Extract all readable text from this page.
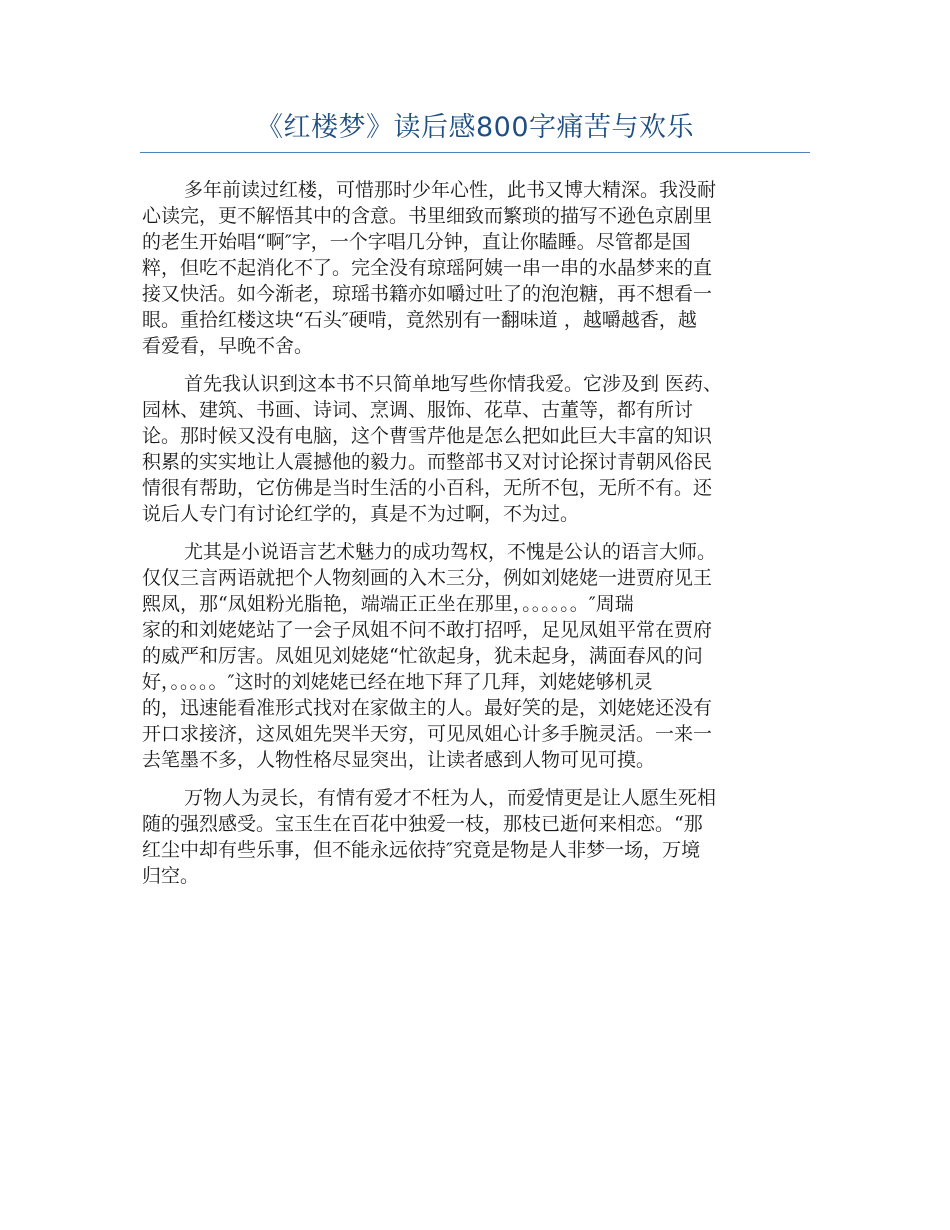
《红楼梦》读后感800字痛苦与欢乐
多年前读过红楼，可惜那时少年心性，此书又博大精深。我没耐
心读完，更不解悟其中的含意。书里细致而繁琐的描写不逊色京剧里
的老生开始唱“啊″字，一个字唱几分钟，直让你瞌睡。尽管都是国
粹，但吃不起消化不了。完全没有琼瑶阿姨一串一串的水晶梦来的直
接又快活。如今渐老，琼瑶书籍亦如嚼过吐了的泡泡糖，再不想看一
眼。重拾红楼这块“石头″硬啃，竟然别有一翻味道 ，越嚼越香，越
看爱看，早晚不舍。
首先我认识到这本书不只简单地写些你情我爱。它涉及到 医药、
园林、建筑、书画、诗词、烹调、服饰、花草、古董等，都有所讨
论。那时候又没有电脑，这个曹雪芹他是怎么把如此巨大丰富的知识
积累的实实地让人震撼他的毅力。而整部书又对讨论探讨青朝风俗民
情很有帮助，它仿佛是当时生活的小百科，无所不包，无所不有。还
说后人专门有讨论红学的，真是不为过啊，不为过。
尤其是小说语言艺术魅力的成功驾权，不愧是公认的语言大师。
仅仅三言两语就把个人物刻画的入木三分，例如刘姥姥一进贾府见王
熙凤，那“凤姐粉光脂艳，端端正正坐在那里，。。。。。。″周瑞
家的和刘姥姥站了一会子凤姐不问不敢打招呼，足见凤姐平常在贾府
的威严和厉害。凤姐见刘姥姥“忙欲起身，犹未起身，满面春风的问
好，。。。。。″这时的刘姥姥已经在地下拜了几拜，刘姥姥够机灵
的，迅速能看准形式找对在家做主的人。最好笑的是，刘姥姥还没有
开口求接济，这凤姐先哭半天穷，可见凤姐心计多手腕灵活。一来一
去笔墨不多，人物性格尽显突出，让读者感到人物可见可摸。
万物人为灵长，有情有爱才不枉为人，而爱情更是让人愿生死相
随的强烈感受。宝玉生在百花中独爱一枝，那枝已逝何来相恋。“那
红尘中却有些乐事，但不能永远依持″究竟是物是人非梦一场，万境
归空。
